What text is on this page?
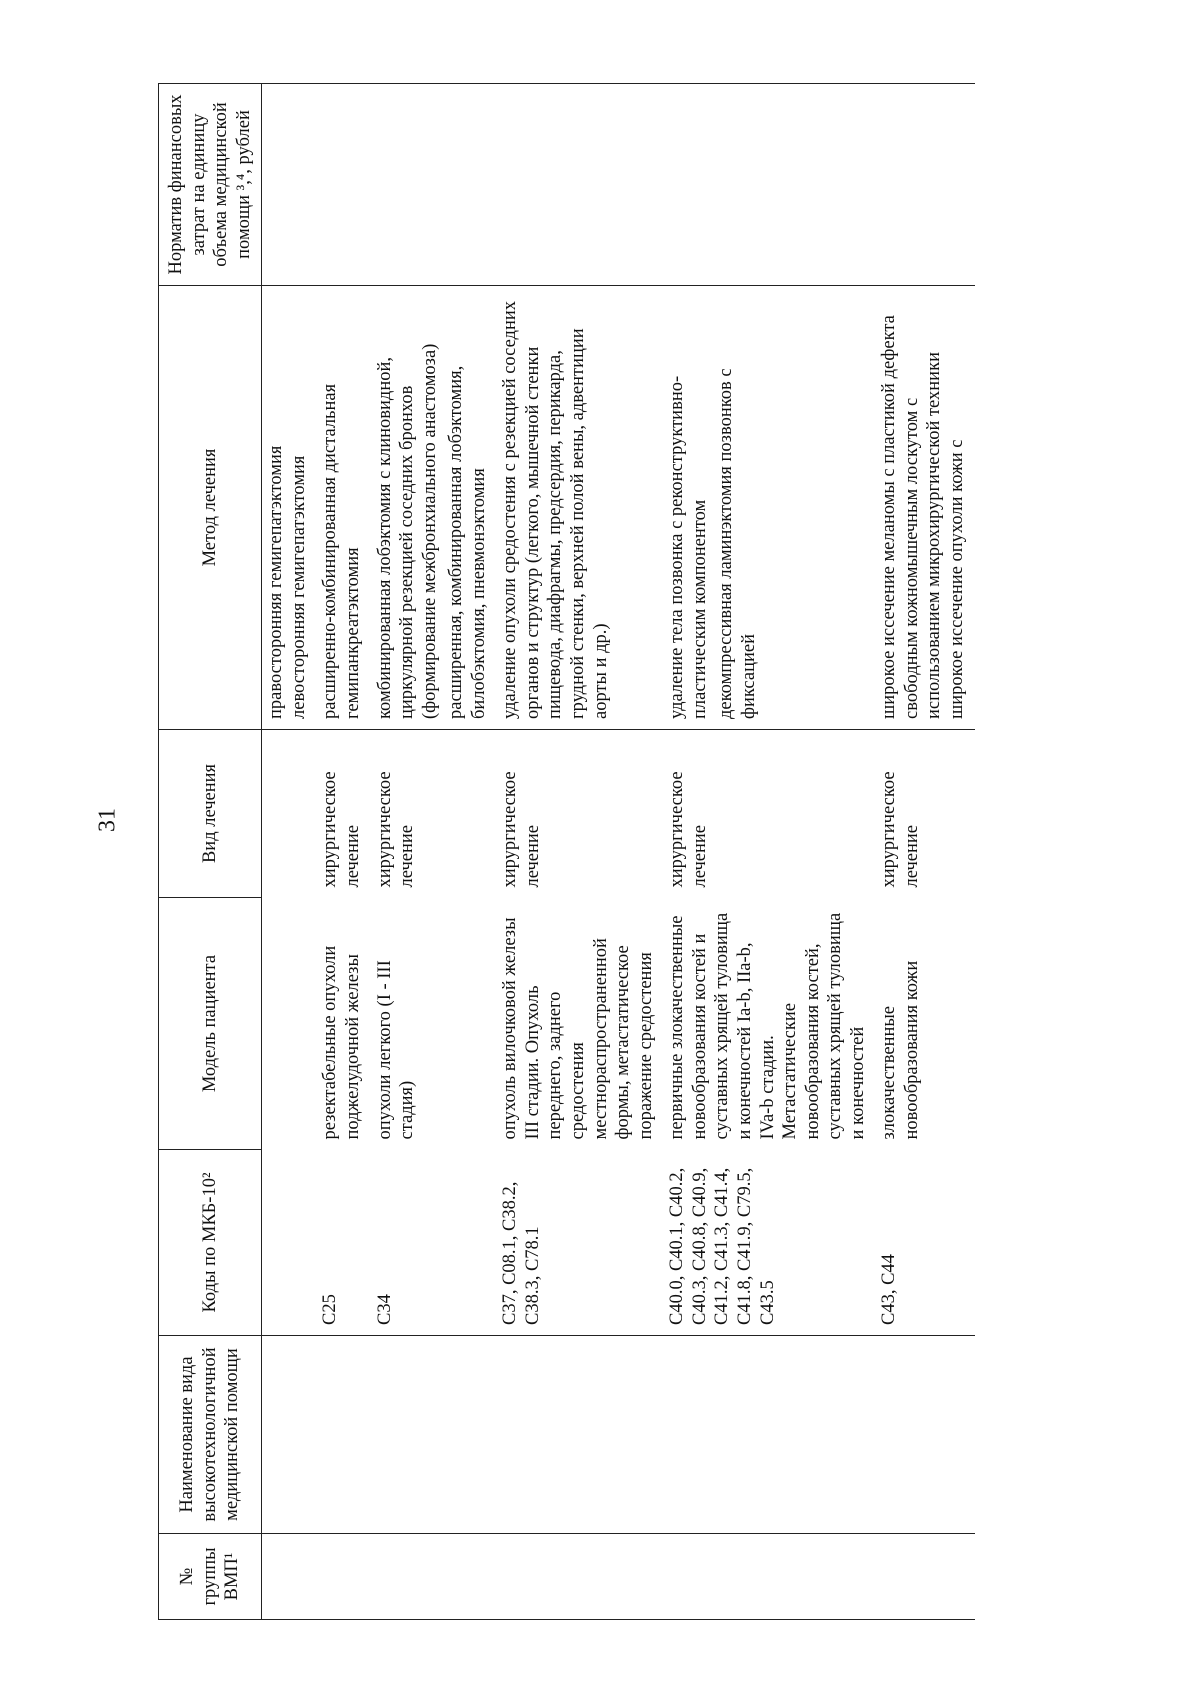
31
№ группы ВМП¹	Наименование вида высокотехнологичной медицинской помощи	Коды по МКБ-10²	Модель пациента	Вид лечения	Метод лечения	Норматив финансовых затрат на единицу объема медицинской помощи ³,⁴, рублей

					правосторонняя гемигепатэктомия левосторонняя гемигепатэктомия	

		C25	резектабельные опухоли поджелудочной железы	хирургическое лечение	расширенно-комбинированная дистальная гемипанкреатэктомия	

		C34	опухоли легкого (I - III стадия)	хирургическое лечение	комбинированная лобэктомия с клиновидной, циркулярной резекцией соседних бронхов (формирование межбронхиального анастомоза) расширенная, комбинированная лобэктомия, билобэктомия, пневмонэктомия	

		C37, C08.1, C38.2, C38.3, C78.1	опухоль вилочковой железы III стадии. Опухоль переднего, заднего средостения местнораспространенной формы, метастатическое поражение средостения	хирургическое лечение	удаление опухоли средостения с резекцией соседних органов и структур (легкого, мышечной стенки пищевода, диафрагмы, предсердия, перикарда, грудной стенки, верхней полой вены, адвентиции аорты и др.)	

		C40.0, C40.1, C40.2, C40.3, C40.8, C40.9, C41.2, C41.3, C41.4, C41.8, C41.9, C79.5, C43.5	первичные злокачественные новообразования костей и суставных хрящей туловища и конечностей Ia-b, IIa-b, IVa-b стадии. Метастатические новообразования костей, суставных хрящей туловища и конечностей	хирургическое лечение	удаление тела позвонка с реконструктивно-пластическим компонентом декомпрессивная ламинэктомия позвонков с фиксацией	

		C43, C44	злокачественные новообразования кожи	хирургическое лечение	широкое иссечение меланомы с пластикой дефекта свободным кожномышечным лоскутом с использованием микрохирургической техники широкое иссечение опухоли кожи с	
